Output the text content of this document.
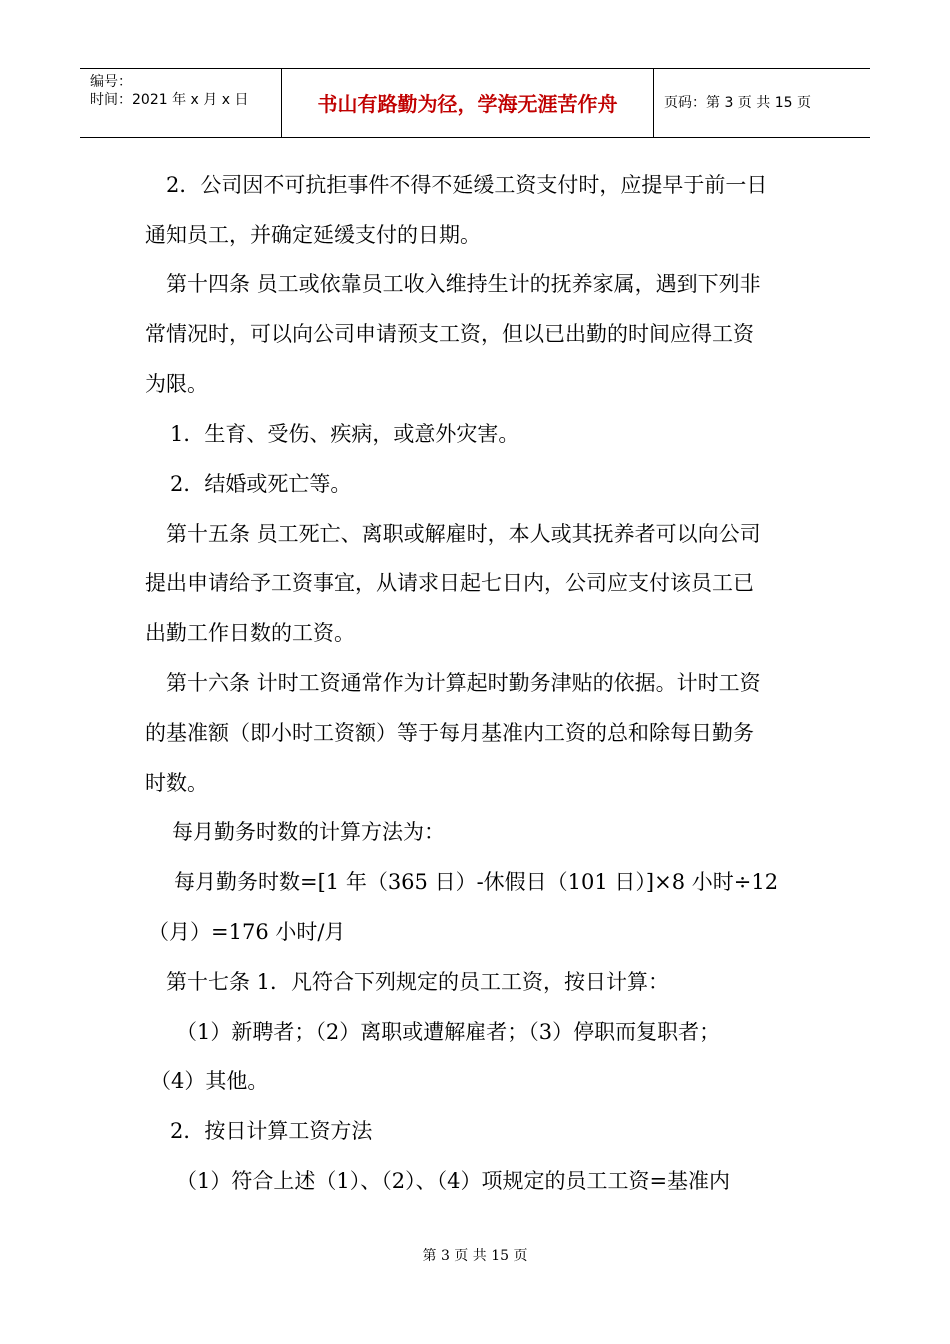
编号：
时间：2021 年 x 月 x 日	书山有路勤为径，学海无涯苦作舟	页码：第 3 页 共 15 页
2．公司因不可抗拒事件不得不延缓工资支付时，应提早于前一日
通知员工，并确定延缓支付的日期。
第十四条 员工或依靠员工收入维持生计的抚养家属，遇到下列非
常情况时，可以向公司申请预支工资，但以已出勤的时间应得工资
为限。
1．生育、受伤、疾病，或意外灾害。
2．结婚或死亡等。
第十五条 员工死亡、离职或解雇时，本人或其抚养者可以向公司
提出申请给予工资事宜，从请求日起七日内，公司应支付该员工已
出勤工作日数的工资。
第十六条 计时工资通常作为计算起时勤务津贴的依据。计时工资
的基准额（即小时工资额）等于每月基准内工资的总和除每日勤务
时数。
每月勤务时数的计算方法为：
每月勤务时数=[1 年（365 日）-休假日（101 日）]×8 小时÷12
（月）=176 小时/月
第十七条 1．凡符合下列规定的员工工资，按日计算：
（1）新聘者；（2）离职或遭解雇者；（3）停职而复职者；
（4）其他。
2．按日计算工资方法
（1）符合上述（1）、（2）、（4）项规定的员工工资=基准内
第 3 页 共 15 页
